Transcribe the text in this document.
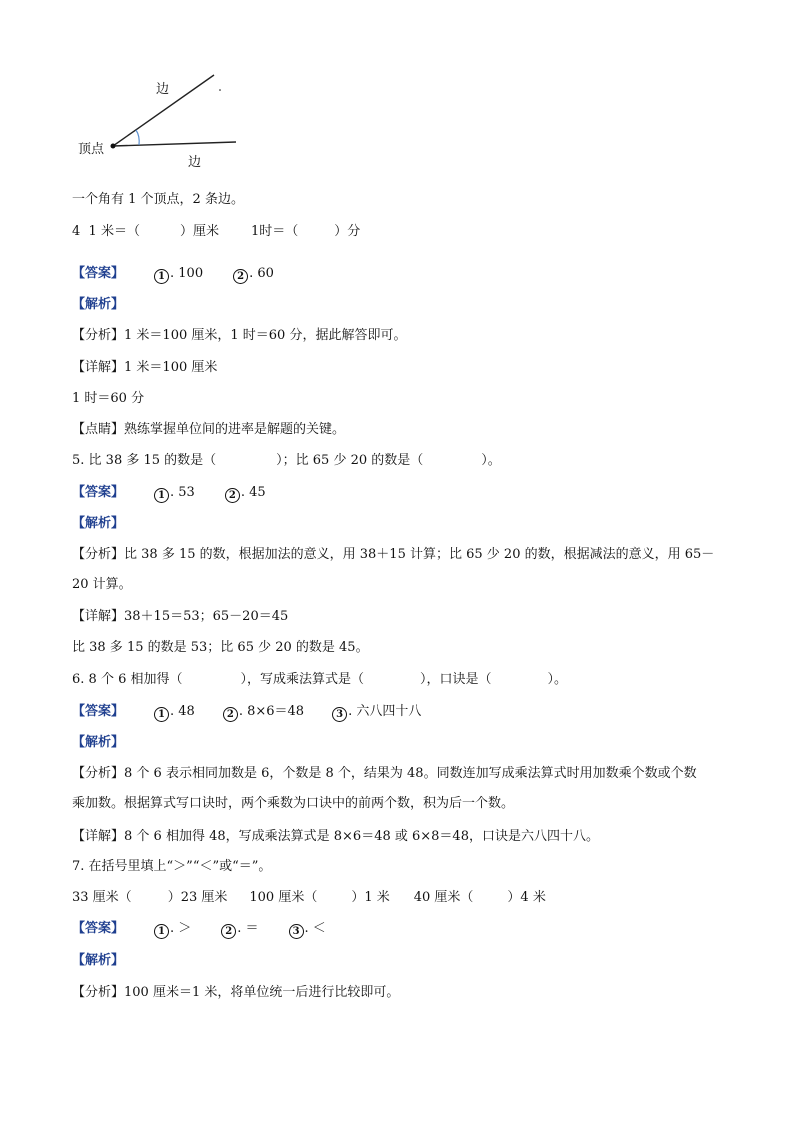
边
边
顶点
一个角有 1 个顶点，2 条边。
4  1 米＝（	）厘米 1时＝（	）分
【答案】	1 . 100	2 . 60
【解析】
【分析】1 米＝100 厘米，1 时＝60 分，据此解答即可。
【详解】1 米＝100 厘米
1 时＝60 分
【点睛】熟练掌握单位间的进率是解题的关键。
5. 比 38 多 15 的数是（	）；比 65 少 20 的数是（	）。
【答案】	1 . 53	2 . 45
【解析】
【分析】比 38 多 15 的数，根据加法的意义，用 38＋15 计算；比 65 少 20 的数，根据减法的意义，用 65－
20 计算。
【详解】38＋15＝53；65－20＝45
比 38 多 15 的数是 53；比 65 少 20 的数是 45。
6. 8 个 6 相加得（	），写成乘法算式是（	），口诀是（	）。
【答案】	1 . 48	2 . 8×6＝48	3 . 六八四十八
【解析】
【分析】8 个 6 表示相同加数是 6，个数是 8 个，结果为 48。同数连加写成乘法算式时用加数乘个数或个数
乘加数。根据算式写口诀时，两个乘数为口诀中的前两个数，积为后一个数。
【详解】8 个 6 相加得 48，写成乘法算式是 8×6＝48 或 6×8＝48，口诀是六八四十八。
7. 在括号里填上“＞”“＜”或“＝”。
33 厘米（	）23 厘米 100 厘米（	）1 米 40 厘米（	）4 米
【答案】	1 . ＞	2 . ＝	3 . ＜
【解析】
【分析】100 厘米＝1 米，将单位统一后进行比较即可。
